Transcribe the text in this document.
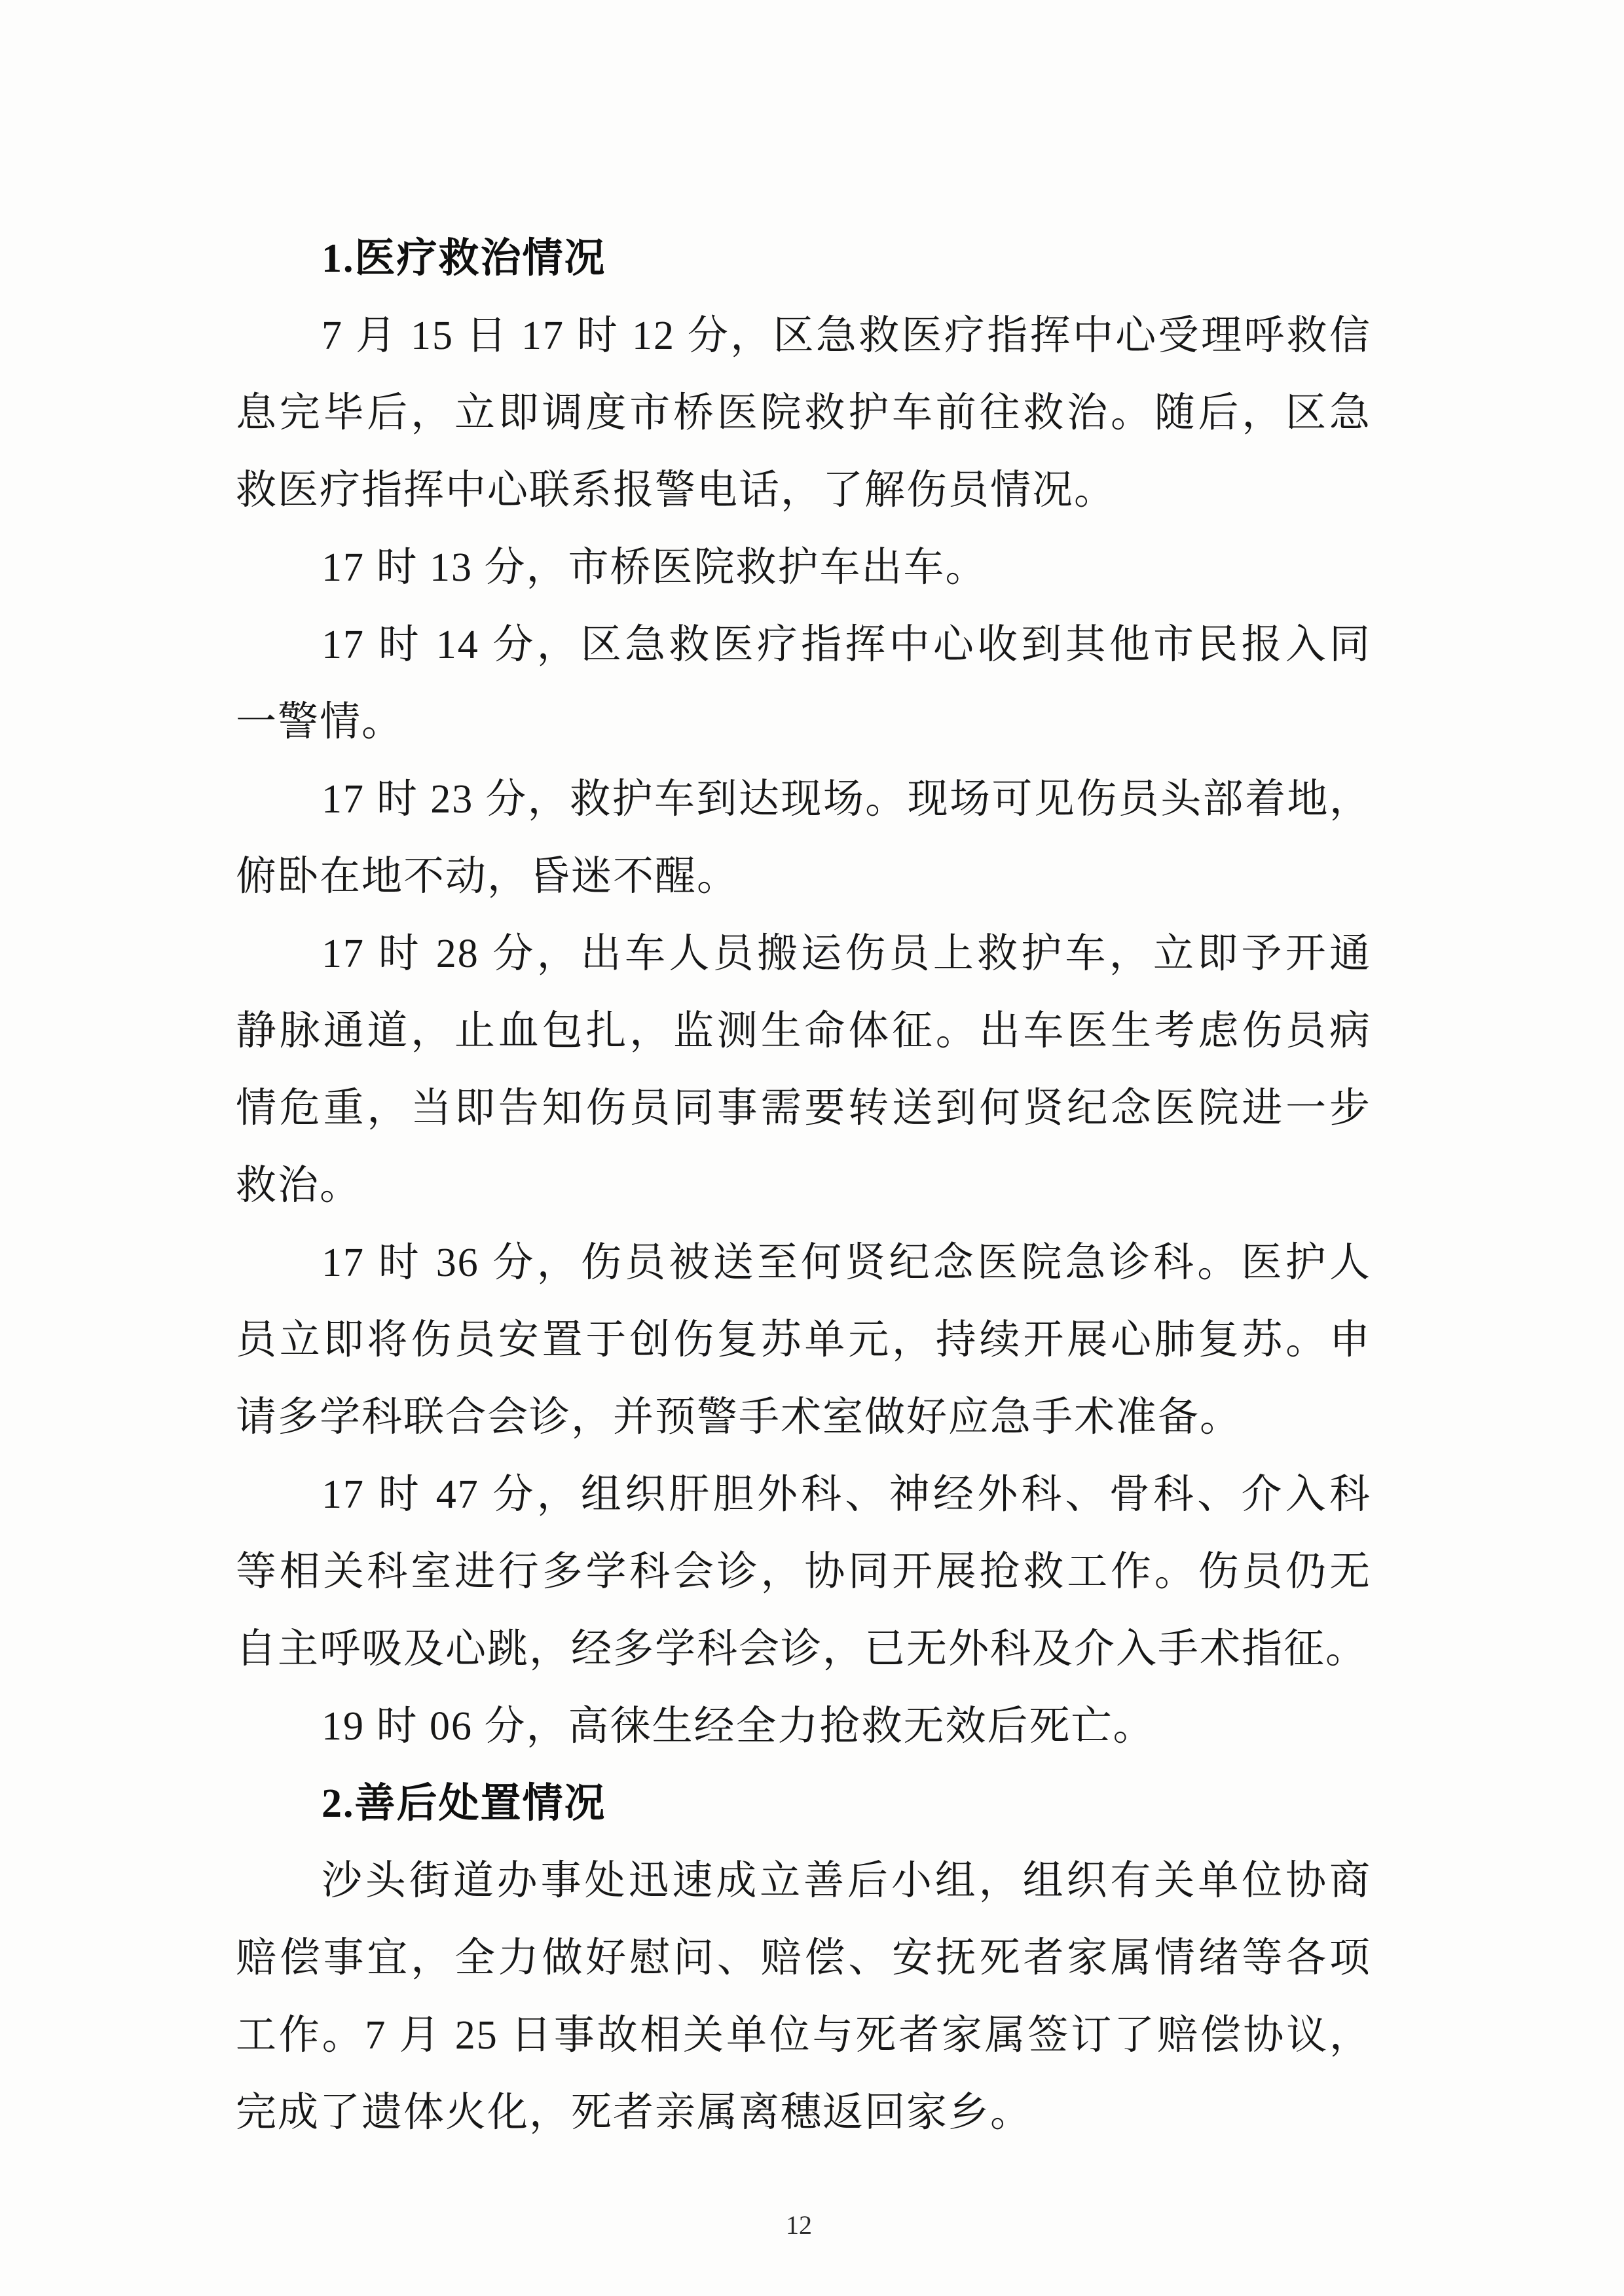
1.医疗救治情况
7 月 15 日 17 时 12 分，区急救医疗指挥中心受理呼救信
息完毕后，立即调度市桥医院救护车前往救治。随后，区急
救医疗指挥中心联系报警电话，了解伤员情况。
17 时 13 分，市桥医院救护车出车。
17 时 14 分，区急救医疗指挥中心收到其他市民报入同
一警情。
17 时 23 分，救护车到达现场。现场可见伤员头部着地，
俯卧在地不动，昏迷不醒。
17 时 28 分，出车人员搬运伤员上救护车，立即予开通
静脉通道，止血包扎，监测生命体征。出车医生考虑伤员病
情危重，当即告知伤员同事需要转送到何贤纪念医院进一步
救治。
17 时 36 分，伤员被送至何贤纪念医院急诊科。医护人
员立即将伤员安置于创伤复苏单元，持续开展心肺复苏。申
请多学科联合会诊，并预警手术室做好应急手术准备。
17 时 47 分，组织肝胆外科、神经外科、骨科、介入科
等相关科室进行多学科会诊，协同开展抢救工作。伤员仍无
自主呼吸及心跳，经多学科会诊，已无外科及介入手术指征。
19 时 06 分，高徕生经全力抢救无效后死亡。
2.善后处置情况
沙头街道办事处迅速成立善后小组，组织有关单位协商
赔偿事宜，全力做好慰问、赔偿、安抚死者家属情绪等各项
工作。7 月 25 日事故相关单位与死者家属签订了赔偿协议，
完成了遗体火化，死者亲属离穗返回家乡。
12
